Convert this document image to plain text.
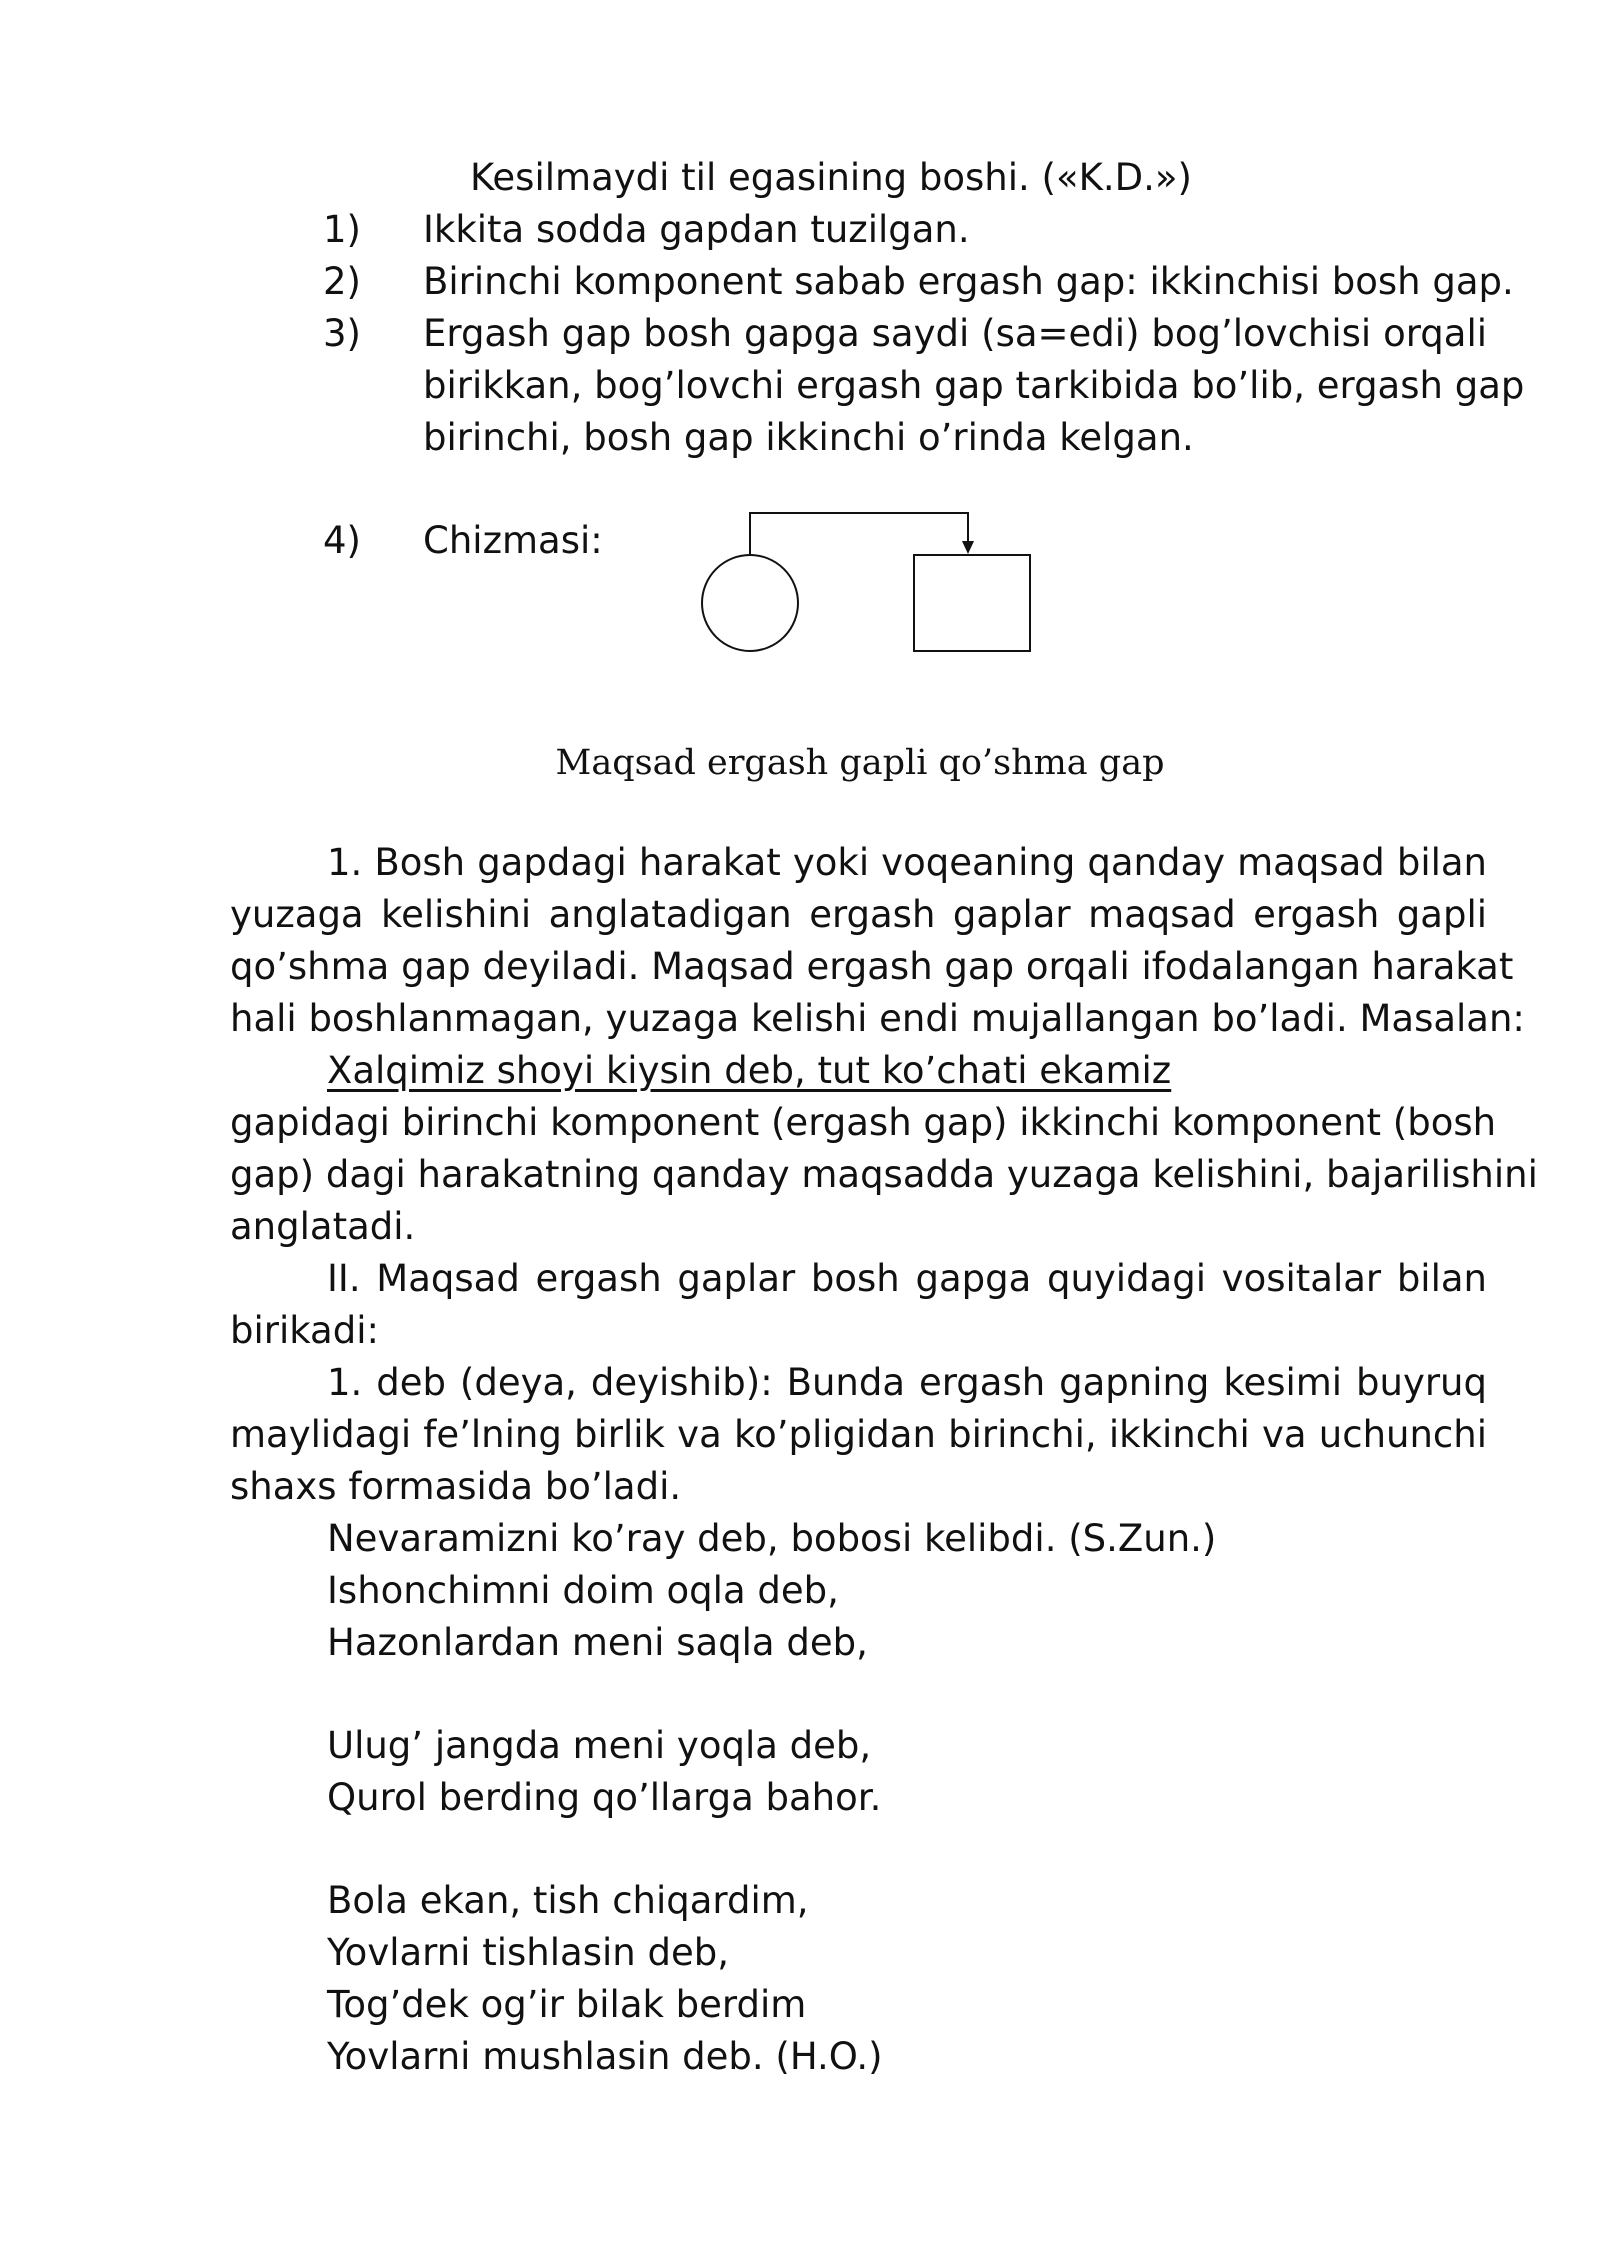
Kesilmaydi til egasining boshi. («K.D.»)
1) Ikkita sodda gapdan tuzilgan.
2) Birinchi komponent sabab ergash gap: ikkinchisi bosh gap.
3) Ergash gap bosh gapga saydi (sa=edi) bog’lovchisi orqali
birikkan, bog’lovchi ergash gap tarkibida bo’lib, ergash gap
birinchi, bosh gap ikkinchi o’rinda kelgan.
4) Chizmasi:
Maqsad ergash gapli qo’shma gap
1. Bosh gapdagi harakat yoki voqeaning qanday maqsad bilan
yuzaga kelishini anglatadigan ergash gaplar maqsad ergash gapli
qo’shma gap deyiladi. Maqsad ergash gap orqali ifodalangan harakat
hali boshlanmagan, yuzaga kelishi endi mujallangan bo’ladi. Masalan:
Xalqimiz shoyi kiysin deb, tut ko’chati ekamiz
gapidagi birinchi komponent (ergash gap) ikkinchi komponent (bosh
gap) dagi harakatning qanday maqsadda yuzaga kelishini, bajarilishini
anglatadi.
II. Maqsad ergash gaplar bosh gapga quyidagi vositalar bilan
birikadi:
1. deb (deya, deyishib): Bunda ergash gapning kesimi buyruq
maylidagi fe’lning birlik va ko’pligidan birinchi, ikkinchi va uchunchi
shaxs formasida bo’ladi.
Nevaramizni ko’ray deb, bobosi kelibdi. (S.Zun.)
Ishonchimni doim oqla deb,
Hazonlardan meni saqla deb,
Ulug’ jangda meni yoqla deb,
Qurol berding qo’llarga bahor.
Bola ekan, tish chiqardim,
Yovlarni tishlasin deb,
Tog’dek og’ir bilak berdim
Yovlarni mushlasin deb. (H.O.)
